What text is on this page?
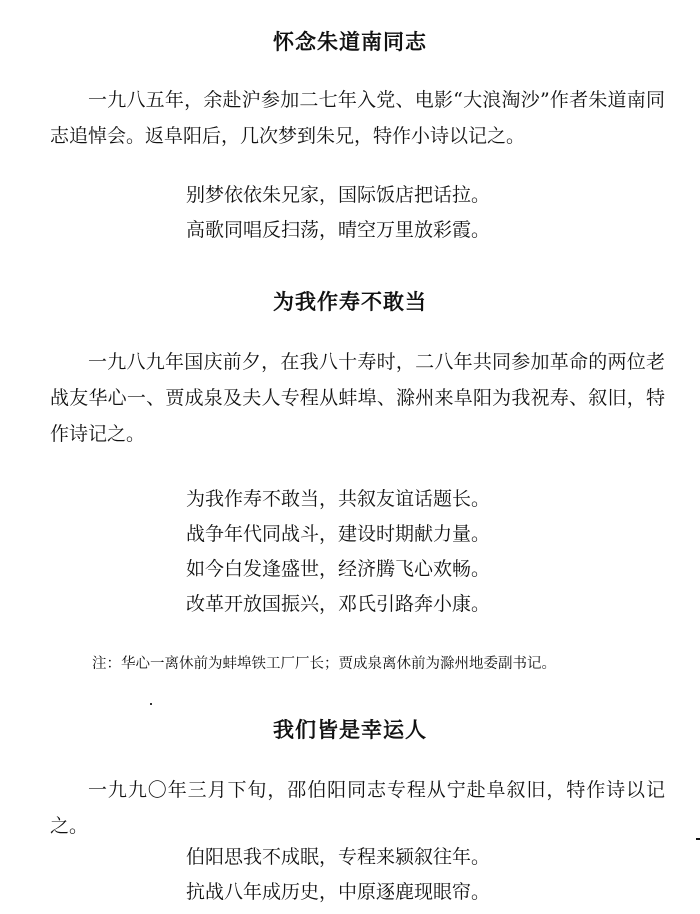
怀念朱道南同志

一九八五年，余赴沪参加二七年入党、电影“大浪淘沙”作者朱道南同志追悼会。返阜阳后，几次梦到朱兄，特作小诗以记之。

别梦依依朱兄家，国际饭店把话拉。
高歌同唱反扫荡，晴空万里放彩霞。
为我作寿不敢当

一九八九年国庆前夕，在我八十寿时，二八年共同参加革命的两位老战友华心一、贾成泉及夫人专程从蚌埠、滁州来阜阳为我祝寿、叙旧，特作诗记之。

为我作寿不敢当，共叙友谊话题长。
战争年代同战斗，建设时期献力量。
如今白发逢盛世，经济腾飞心欢畅。
改革开放国振兴，邓氏引路奔小康。

注：华心一离休前为蚌埠铁工厂厂长；贾成泉离休前为滁州地委副书记。

我们皆是幸运人

一九九〇年三月下旬，邵伯阳同志专程从宁赴阜叙旧，特作诗以记之。

伯阳思我不成眠，专程来颍叙往年。
抗战八年成历史，中原逐鹿现眼帘。
